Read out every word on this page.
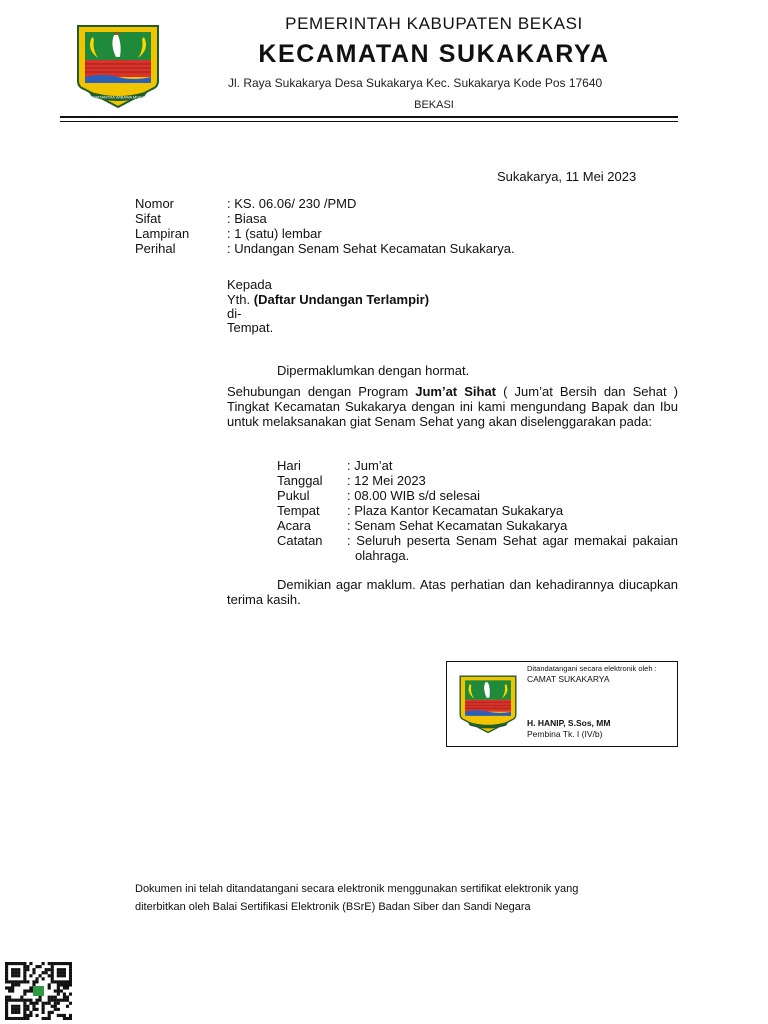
SWATANTRA WIBAWA MUKTI
PEMERINTAH KABUPATEN BEKASI
KECAMATAN SUKAKARYA
Jl. Raya Sukakarya Desa Sukakarya Kec. Sukakarya Kode Pos 17640
BEKASI
Sukakarya, 11 Mei 2023
Nomor	: KS. 06.06/ 230 /PMD
Sifat	: Biasa
Lampiran	: 1 (satu) lembar
Perihal	: Undangan Senam Sehat Kecamatan Sukakarya.
Kepada
Yth. (Daftar Undangan Terlampir)
di-
Tempat.
Dipermaklumkan dengan hormat.
Sehubungan dengan Program Jum’at Sihat ( Jum’at Bersih dan Sehat ) Tingkat Kecamatan Sukakarya dengan ini kami mengundang Bapak dan Ibu untuk melaksanakan giat Senam Sehat yang akan diselenggarakan pada:
Hari	: Jum’at
Tanggal : 12 Mei 2023
Pukul	: 08.00 WIB s/d selesai
Tempat : Plaza Kantor Kecamatan Sukakarya
Acara	: Senam Sehat Kecamatan Sukakarya
Catatan	: Seluruh peserta Senam Sehat agar memakai pakaian olahraga.
Demikian agar maklum. Atas perhatian dan kehadirannya diucapkan terima kasih.
Ditandatangani secara elektronik oleh :
CAMAT SUKAKARYA
H. HANIP, S.Sos, MM
Pembina Tk. I (IV/b)
Dokumen ini telah ditandatangani secara elektronik menggunakan sertifikat elektronik yang
diterbitkan oleh Balai Sertifikasi Elektronik (BSrE) Badan Siber dan Sandi Negara
